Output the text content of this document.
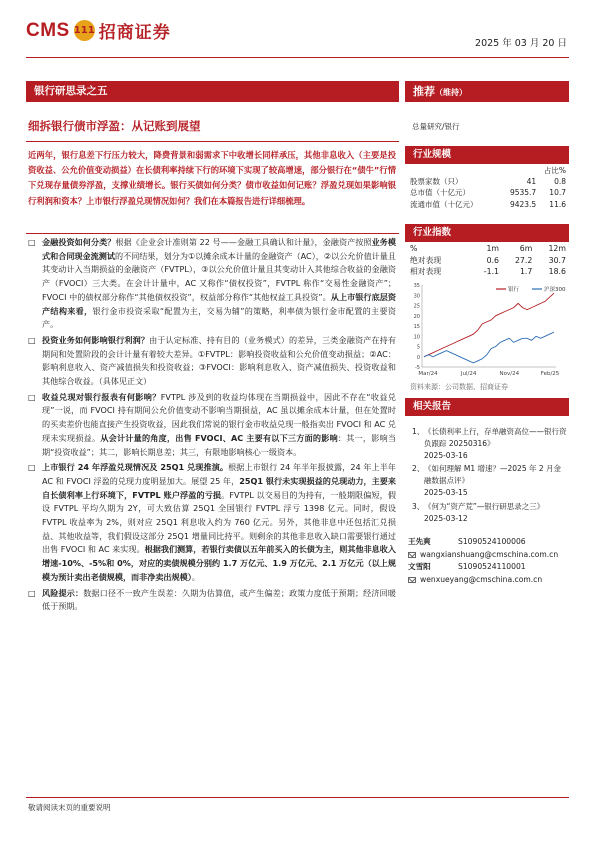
CMS 111 招商证券
2025 年 03 月 20 日
银行研思录之五	推荐（维持）
细拆银行债市浮盈：从记账到展望	总量研究/银行
近两年，银行息差下行压力较大，降费背景和弱需求下中收增长同样承压，其他非息收入（主要是投资收益、公允价值变动损益）在长债利率持续下行的环境下实现了较高增速，部分银行在“债牛”行情下兑现存量债券浮盈，支撑业绩增长。银行买债如何分类？债市收益如何记账？浮盈兑现如果影响银行利润和资本？上市银行浮盈兑现情况如何？我们在本篇报告进行详细梳理。
□ 金融投资如何分类？根据《企业会计准则第 22 号——金融工具确认和计量》，金融资产按照业务模式和合同现金流测试的不同结果，划分为①以摊余成本计量的金融资产（AC），②以公允价值计量且其变动计入当期损益的金融资产（FVTPL），③以公允价值计量且其变动计入其他综合收益的金融资产（FVOCI）三大类。在会计计量中，AC 又称作“债权投资”，FVTPL 称作“交易性金融资产”；FVOCI 中的债权部分称作“其他债权投资”，权益部分称作“其他权益工具投资”。从上市银行底层资产结构来看，银行金市投资采取“配置为主，交易为辅”的策略，利率债为银行金市配置的主要资产。
□ 投资业务如何影响银行利润？由于认定标准、持有目的（业务模式）的差异，三类金融资产在持有期间和处置阶段的会计计量有着较大差异。①FVTPL：影响投资收益和公允价值变动损益；②AC：影响利息收入、资产减值损失和投资收益；③FVOCI：影响利息收入、资产减值损失、投资收益和其他综合收益。（具体见正文）
□ 收益兑现对银行报表有何影响？FVTPL 涉及到的收益均体现在当期损益中，因此不存在“收益兑现”一说，而 FVOCI 持有期间公允价值变动不影响当期损益，AC 虽以摊余成本计量，但在处置时的买卖差价也能直接产生投资收益，因此我们常说的银行金市收益兑现一般指卖出 FVOCI 和 AC 兑现未实现损益。从会计计量的角度，出售 FVOCI、AC 主要有以下三方面的影响：其一，影响当期“投资收益”；其二，影响长期息差；其三，有限地影响核心一级资本。
□ 上市银行 24 年浮盈兑现情况及 25Q1 兑现推演。根据上市银行 24 年半年报披露，24 年上半年 AC 和 FVOCI 浮盈的兑现力度明显加大。展望 25 年，25Q1 银行未实现损益的兑现动力，主要来自长债利率上行环境下，FVTPL 账户浮盈的亏损。FVTPL 以交易目的为持有，一般期限偏短，假设 FVTPL 平均久期为 2Y，可大致估算 25Q1 全国银行 FVTPL 浮亏 1398 亿元。同时，假设 FVTPL 收益率为 2%，则对应 25Q1 利息收入约为 760 亿元。另外，其他非息中还包括汇兑损益、其他收益等，我们假设这部分 25Q1 增量同比持平。则剩余的其他非息收入缺口需要银行通过出售 FVOCI 和 AC 来实现。根据我们测算，若银行卖债以五年前买入的长债为主，则其他非息收入增速-10%、-5%和 0%，对应的卖债规模分别约 1.7 万亿元、1.9 万亿元、2.1 万亿元（以上规模为预计卖出老债规模，而非净卖出规模）。
□ 风险提示：数据口径不一致产生误差：久期为估算值，或产生偏差；政策力度低于预期；经济回暖低于预期。
行业规模
		占比%
股票家数（只）	41	0.8
总市值（十亿元）	9535.7	10.7
流通市值（十亿元）	9423.5	11.6
行业指数
%	1m	6m	12m
绝对表现	0.6	27.2	30.7
相对表现	-1.1	1.7	18.6
35
30
25
20
15
10
5
0
-5
Mar/24	Jul/24	Nov/24	Feb/25
银行	沪深300
资料来源：公司数据、招商证券
相关报告
1、 《长债利率上行，存单融资高位——银行资负跟踪 20250316》
2025-03-16
2、 《如何理解 M1 增速？—2025 年 2 月金融数据点评》
2025-03-15
3、 《何为“资产荒”—银行研思录之三》
2025-03-12
王先爽	S1090524100006
wangxianshuang@cmschina.com.cn
文雪阳	S1090524110001
wenxueyang@cmschina.com.cn
敬请阅读末页的重要说明
